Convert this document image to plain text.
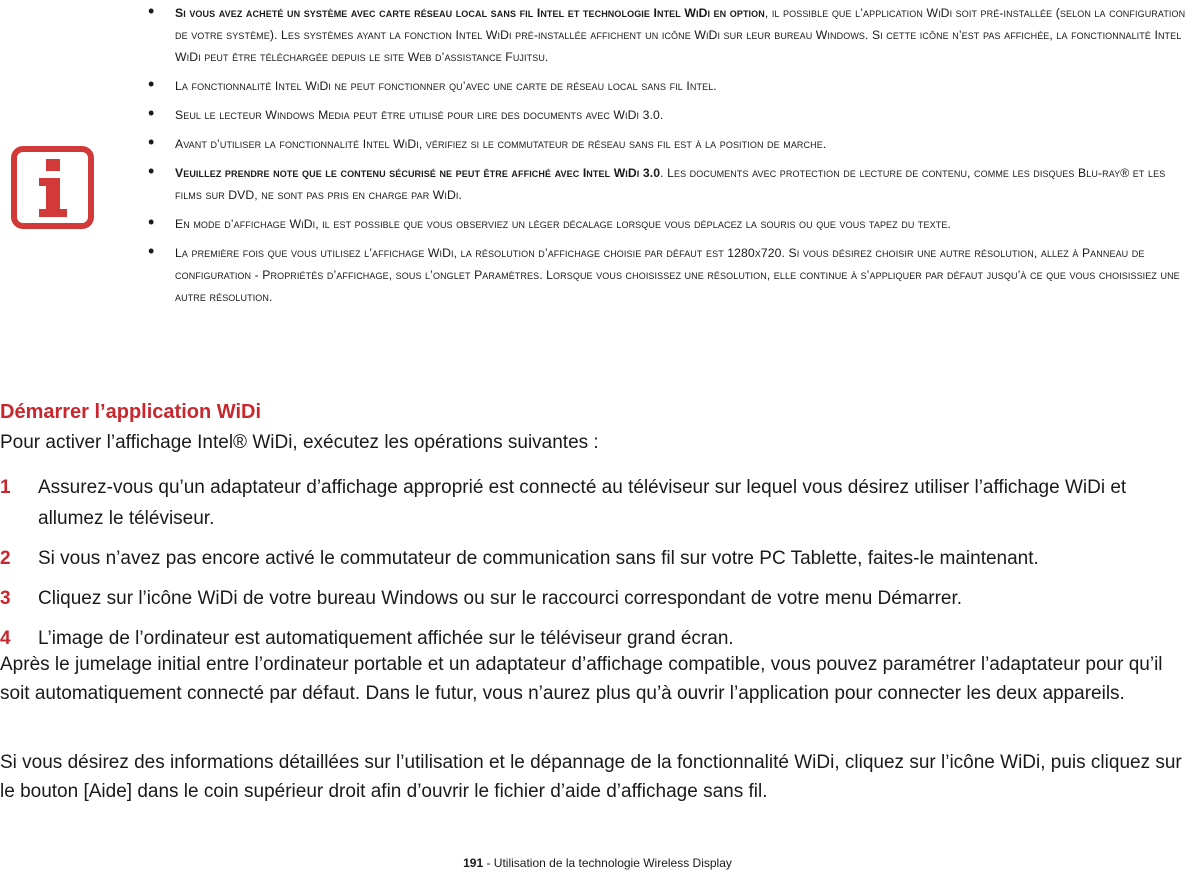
• Si vous avez acheté un système avec carte réseau local sans fil Intel et technologie Intel WiDi en option, il possible que l’application WiDi soit pré-installée (selon la configuration de votre système). Les systèmes ayant la fonction Intel WiDi pré-installée affichent un icône WiDi sur leur bureau Windows. Si cette icône n’est pas affichée, la fonctionnalité Intel WiDi peut être téléchargée depuis le site Web d’assistance Fujitsu.
• La fonctionnalité Intel WiDi ne peut fonctionner qu’avec une carte de réseau local sans fil Intel.
• Seul le lecteur Windows Media peut être utilisé pour lire des documents avec WiDi 3.0.
• Avant d’utiliser la fonctionnalité Intel WiDi, vérifiez si le commutateur de réseau sans fil est à la position de marche.
• Veuillez prendre note que le contenu sécurisé ne peut être affiché avec Intel WiDi 3.0. Les documents avec protection de lecture de contenu, comme les disques Blu-ray® et les films sur DVD, ne sont pas pris en charge par WiDi.
• En mode d’affichage WiDi, il est possible que vous observiez un léger décalage lorsque vous déplacez la souris ou que vous tapez du texte.
• La première fois que vous utilisez l’affichage WiDi, la résolution d’affichage choisie par défaut est 1280x720. Si vous désirez choisir une autre résolution, allez à Panneau de configuration - Propriétés d’affichage, sous l’onglet Paramètres. Lorsque vous choisissez une résolution, elle continue à s’appliquer par défaut jusqu’à ce que vous choisissiez une autre résolution.
Démarrer l’application WiDi
Pour activer l’affichage Intel® WiDi, exécutez les opérations suivantes :
1 Assurez-vous qu’un adaptateur d’affichage approprié est connecté au téléviseur sur lequel vous désirez utiliser l’affichage WiDi et allumez le téléviseur.
2 Si vous n’avez pas encore activé le commutateur de communication sans fil sur votre PC Tablette, faites-le maintenant.
3 Cliquez sur l’icône WiDi de votre bureau Windows ou sur le raccourci correspondant de votre menu Démarrer.
4 L’image de l’ordinateur est automatiquement affichée sur le téléviseur grand écran.
Après le jumelage initial entre l’ordinateur portable et un adaptateur d’affichage compatible, vous pouvez paramétrer l’adaptateur pour qu’il soit automatiquement connecté par défaut. Dans le futur, vous n’aurez plus qu’à ouvrir l’application pour connecter les deux appareils.
Si vous désirez des informations détaillées sur l’utilisation et le dépannage de la fonctionnalité WiDi, cliquez sur l’icône WiDi, puis cliquez sur le bouton [Aide] dans le coin supérieur droit afin d’ouvrir le fichier d’aide d’affichage sans fil.
191 - Utilisation de la technologie Wireless Display
